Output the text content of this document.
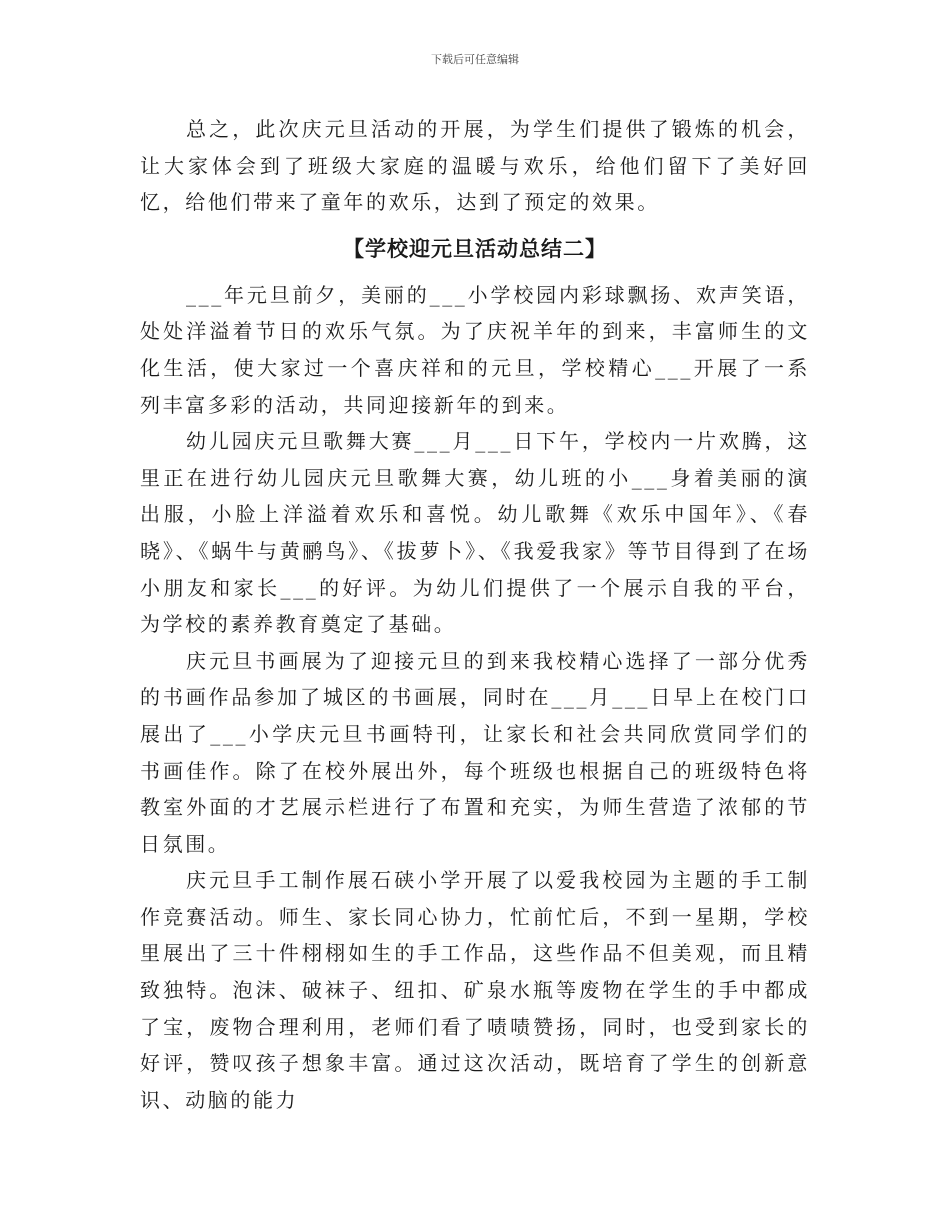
下载后可任意编辑

总之，此次庆元旦活动的开展，为学生们提供了锻炼的机会，让大家体会到了班级大家庭的温暖与欢乐，给他们留下了美好回忆，给他们带来了童年的欢乐，达到了预定的效果。

【学校迎元旦活动总结二】

___年元旦前夕，美丽的___小学校园内彩球飘扬、欢声笑语，处处洋溢着节日的欢乐气氛。为了庆祝羊年的到来，丰富师生的文化生活，使大家过一个喜庆祥和的元旦，学校精心___开展了一系列丰富多彩的活动，共同迎接新年的到来。

幼儿园庆元旦歌舞大赛___月___日下午，学校内一片欢腾，这里正在进行幼儿园庆元旦歌舞大赛，幼儿班的小___身着美丽的演出服，小脸上洋溢着欢乐和喜悦。幼儿歌舞《欢乐中国年》、《春晓》、《蜗牛与黄鹂鸟》、《拔萝卜》、《我爱我家》等节目得到了在场小朋友和家长___的好评。为幼儿们提供了一个展示自我的平台，为学校的素养教育奠定了基础。

庆元旦书画展为了迎接元旦的到来我校精心选择了一部分优秀的书画作品参加了城区的书画展，同时在___月___日早上在校门口展出了___小学庆元旦书画特刊，让家长和社会共同欣赏同学们的书画佳作。除了在校外展出外，每个班级也根据自己的班级特色将教室外面的才艺展示栏进行了布置和充实，为师生营造了浓郁的节日氛围。

庆元旦手工制作展石硖小学开展了以爱我校园为主题的手工制作竞赛活动。师生、家长同心协力，忙前忙后，不到一星期，学校里展出了三十件栩栩如生的手工作品，这些作品不但美观，而且精致独特。泡沫、破袜子、纽扣、矿泉水瓶等废物在学生的手中都成了宝，废物合理利用，老师们看了啧啧赞扬，同时，也受到家长的好评，赞叹孩子想象丰富。通过这次活动，既培育了学生的创新意识、动脑的能力
